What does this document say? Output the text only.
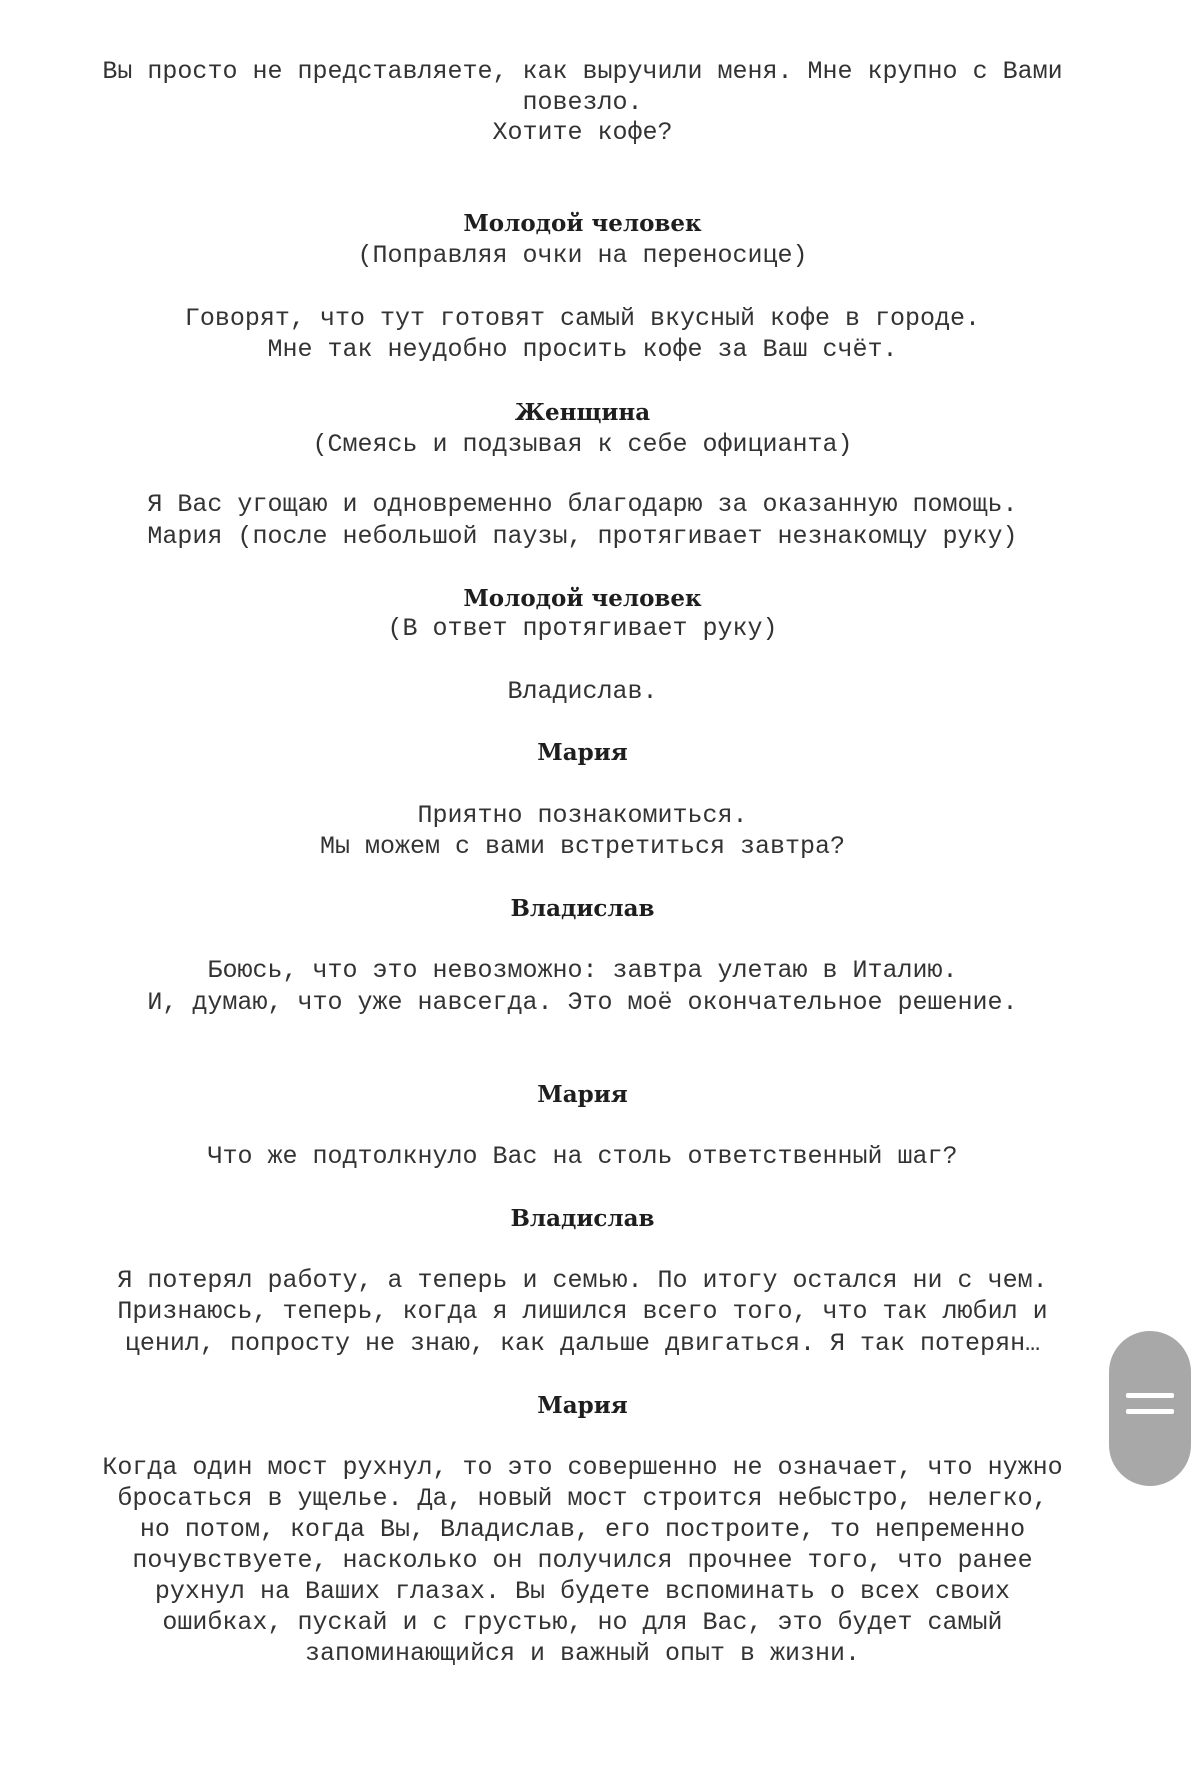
Вы просто не представляете, как выручили меня. Мне крупно с Вами
повезло.
Хотите кофе?
Молодой человек
(Поправляя очки на переносице)
Говорят, что тут готовят самый вкусный кофе в городе.
Мне так неудобно просить кофе за Ваш счёт.
Женщина
(Смеясь и подзывая к себе официанта)
Я Вас угощаю и одновременно благодарю за оказанную помощь.
Мария (после небольшой паузы, протягивает незнакомцу руку)
Молодой человек
(В ответ протягивает руку)
Владислав.
Мария
Приятно познакомиться.
Мы можем с вами встретиться завтра?
Владислав
Боюсь, что это невозможно: завтра улетаю в Италию.
И, думаю, что уже навсегда. Это моё окончательное решение.
Мария
Что же подтолкнуло Вас на столь ответственный шаг?
Владислав
Я потерял работу, а теперь и семью. По итогу остался ни с чем.
Признаюсь, теперь, когда я лишился всего того, что так любил и
ценил, попросту не знаю, как дальше двигаться. Я так потерян…
Мария
Когда один мост рухнул, то это совершенно не означает, что нужно
бросаться в ущелье. Да, новый мост строится небыстро, нелегко,
но потом, когда Вы, Владислав, его построите, то непременно
почувствуете, насколько он получился прочнее того, что ранее
рухнул на Ваших глазах. Вы будете вспоминать о всех своих
ошибках, пускай и с грустью, но для Вас, это будет самый
запоминающийся и важный опыт в жизни.
